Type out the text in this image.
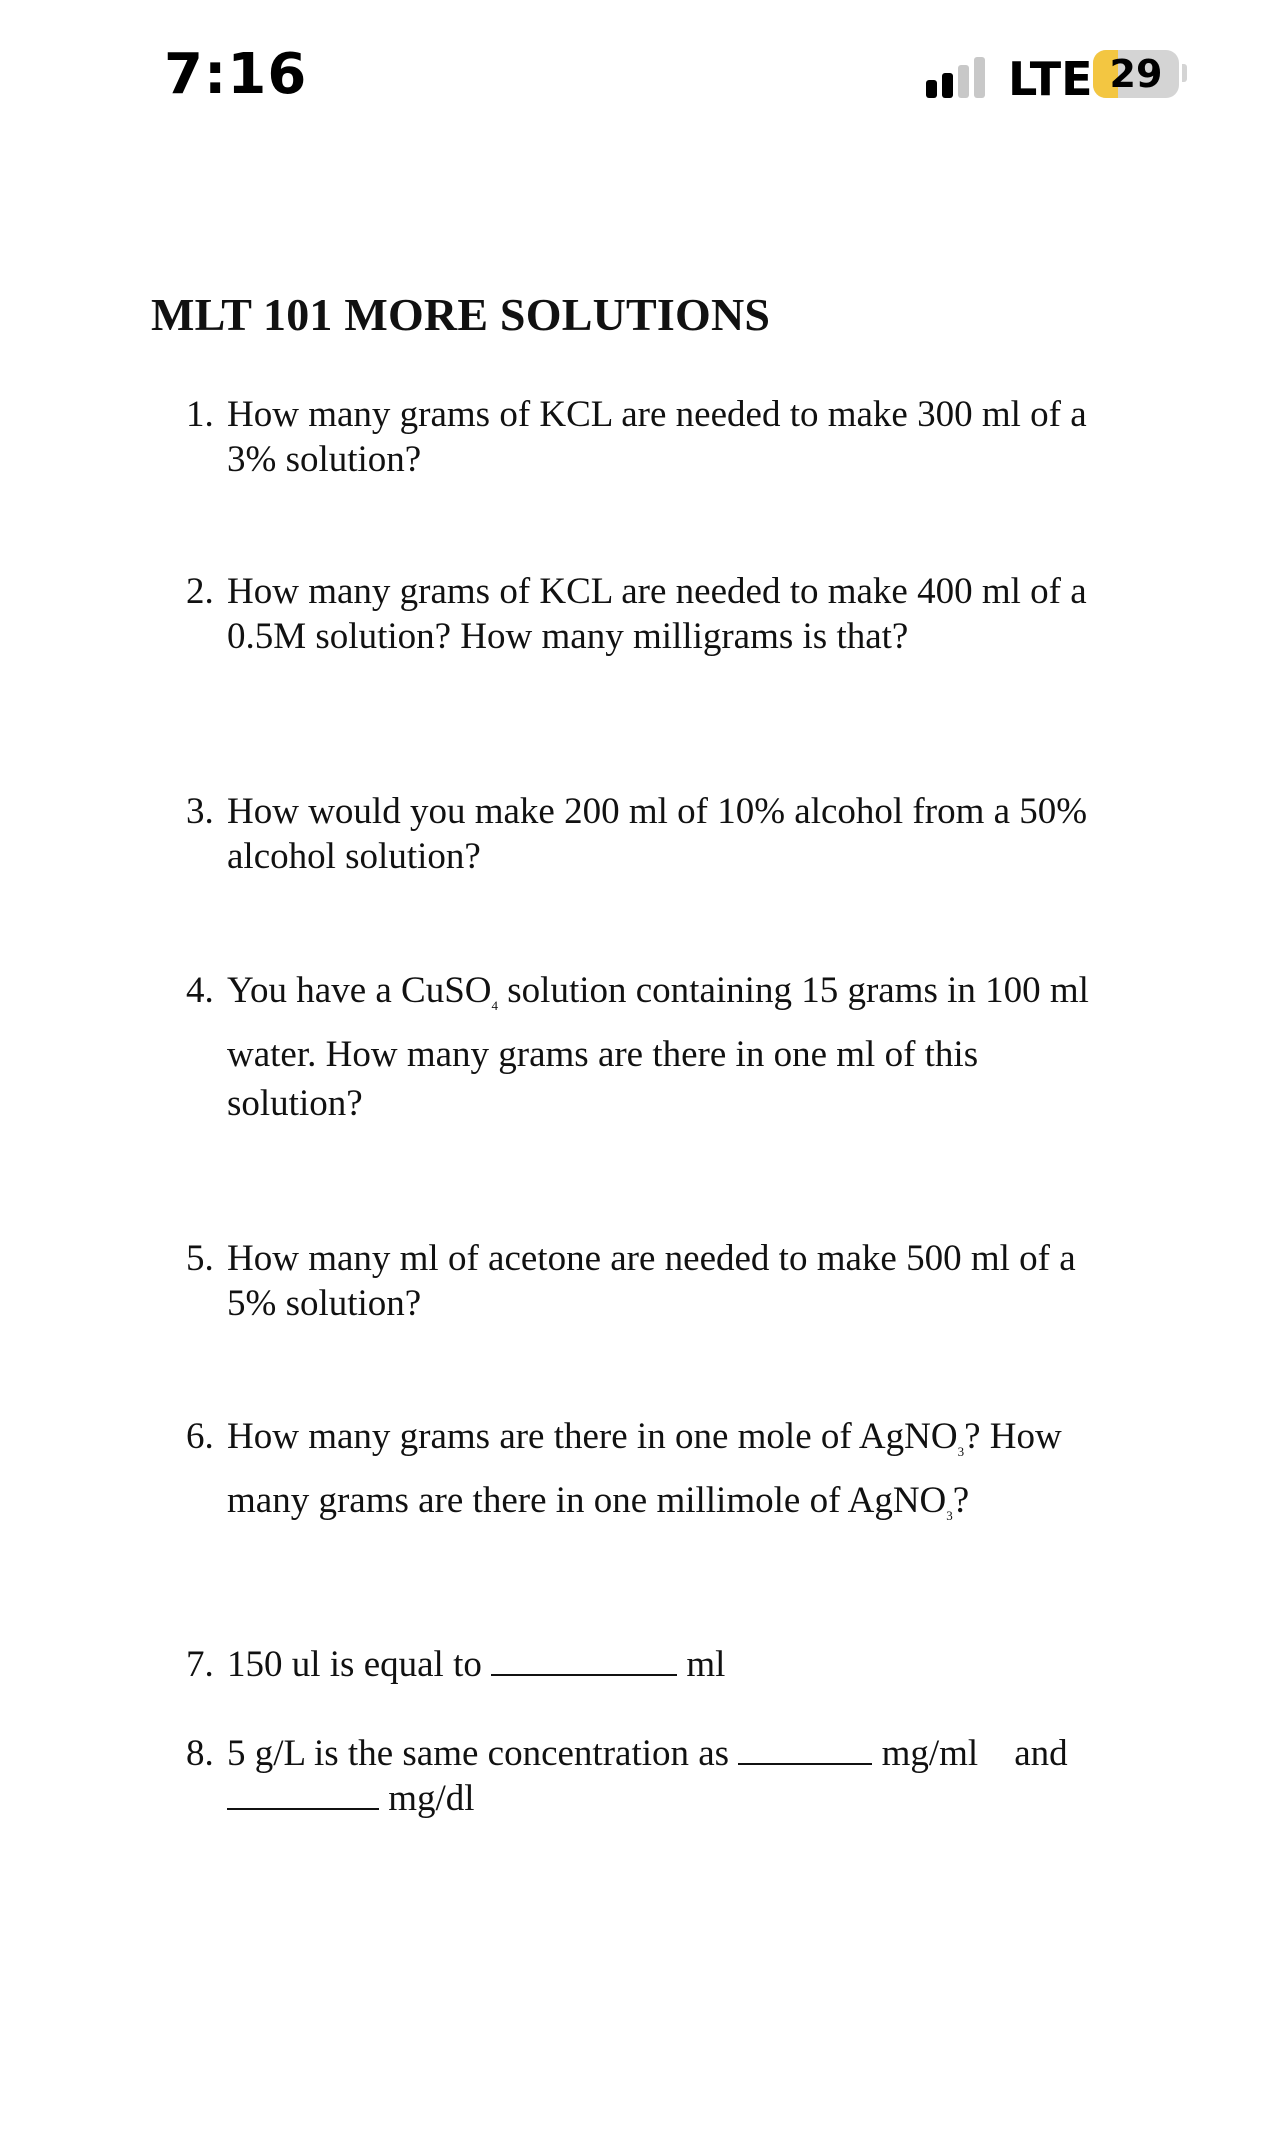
7:16	LTE 29
MLT 101 MORE SOLUTIONS
1. How many grams of KCL are needed to make 300 ml of a
3% solution?
2. How many grams of KCL are needed to make 400 ml of a
0.5M solution? How many milligrams is that?
3. How would you make 200 ml of 10% alcohol from a 50%
alcohol solution?
4. You have a CuSO$_4$ solution containing 15 grams in 100 ml
water. How many grams are there in one ml of this
solution?
5. How many ml of acetone are needed to make 500 ml of a
5% solution?
6. How many grams are there in one mole of AgNO$_3$? How
many grams are there in one millimole of AgNO$_3$?
7. 150 ul is equal to	ml
8. 5 g/L is the same concentration as	mg/ml and
mg/dl
